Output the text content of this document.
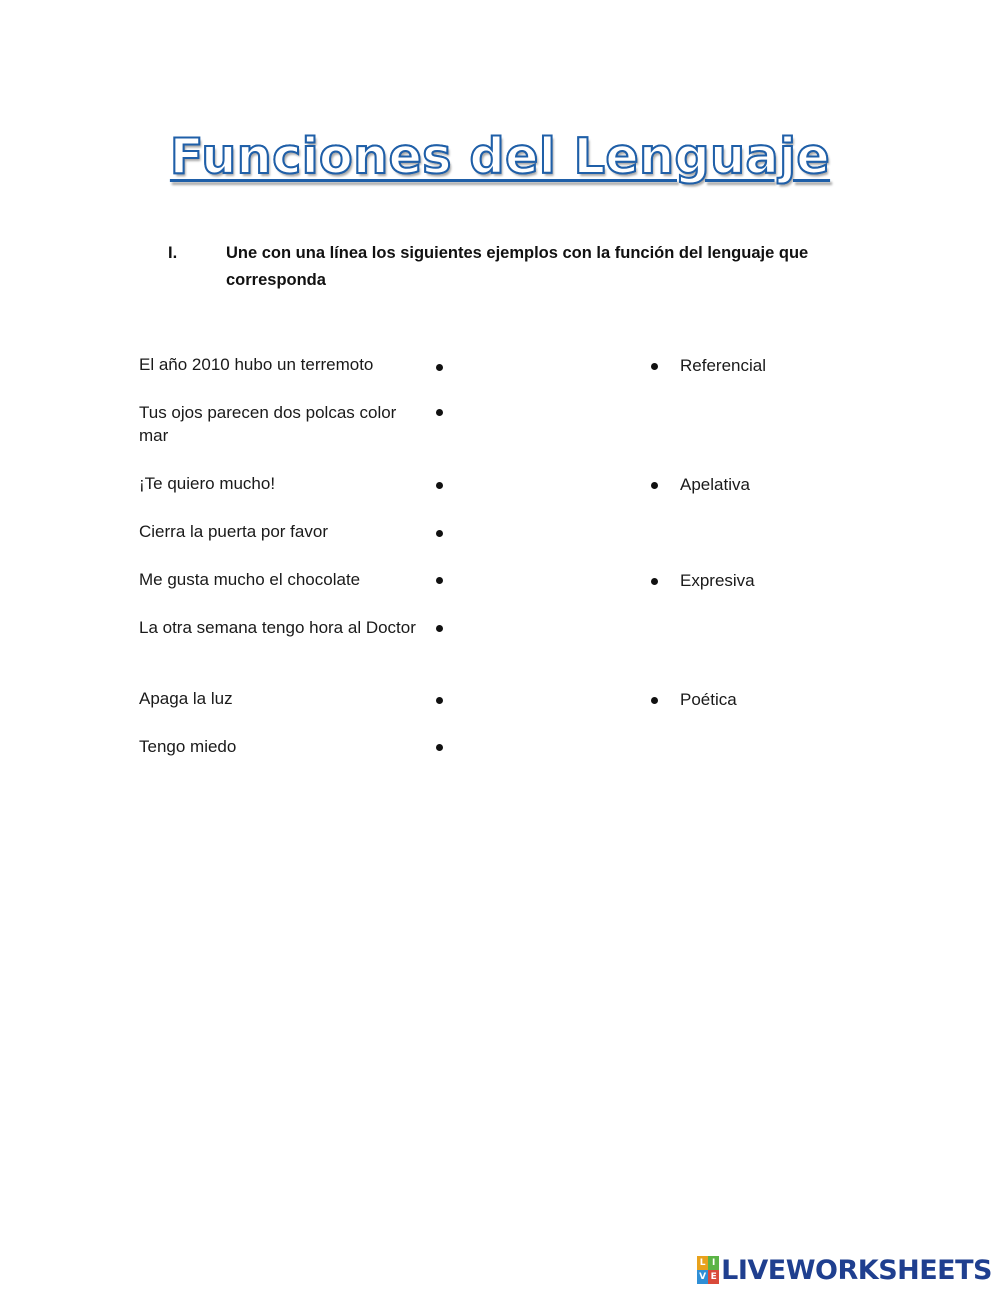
Funciones del Lenguaje
I.	Une con una línea los siguientes ejemplos con la función del lenguaje que corresponda
El año 2010 hubo un terremoto
Tus ojos parecen dos polcas color mar
¡Te quiero mucho!
Cierra la puerta por favor
Me gusta mucho el chocolate
La otra semana tengo hora al Doctor
Apaga la luz
Tengo miedo
Referencial
Apelativa
Expresiva
Poética
L I
V E LIVEWORKSHEETS
